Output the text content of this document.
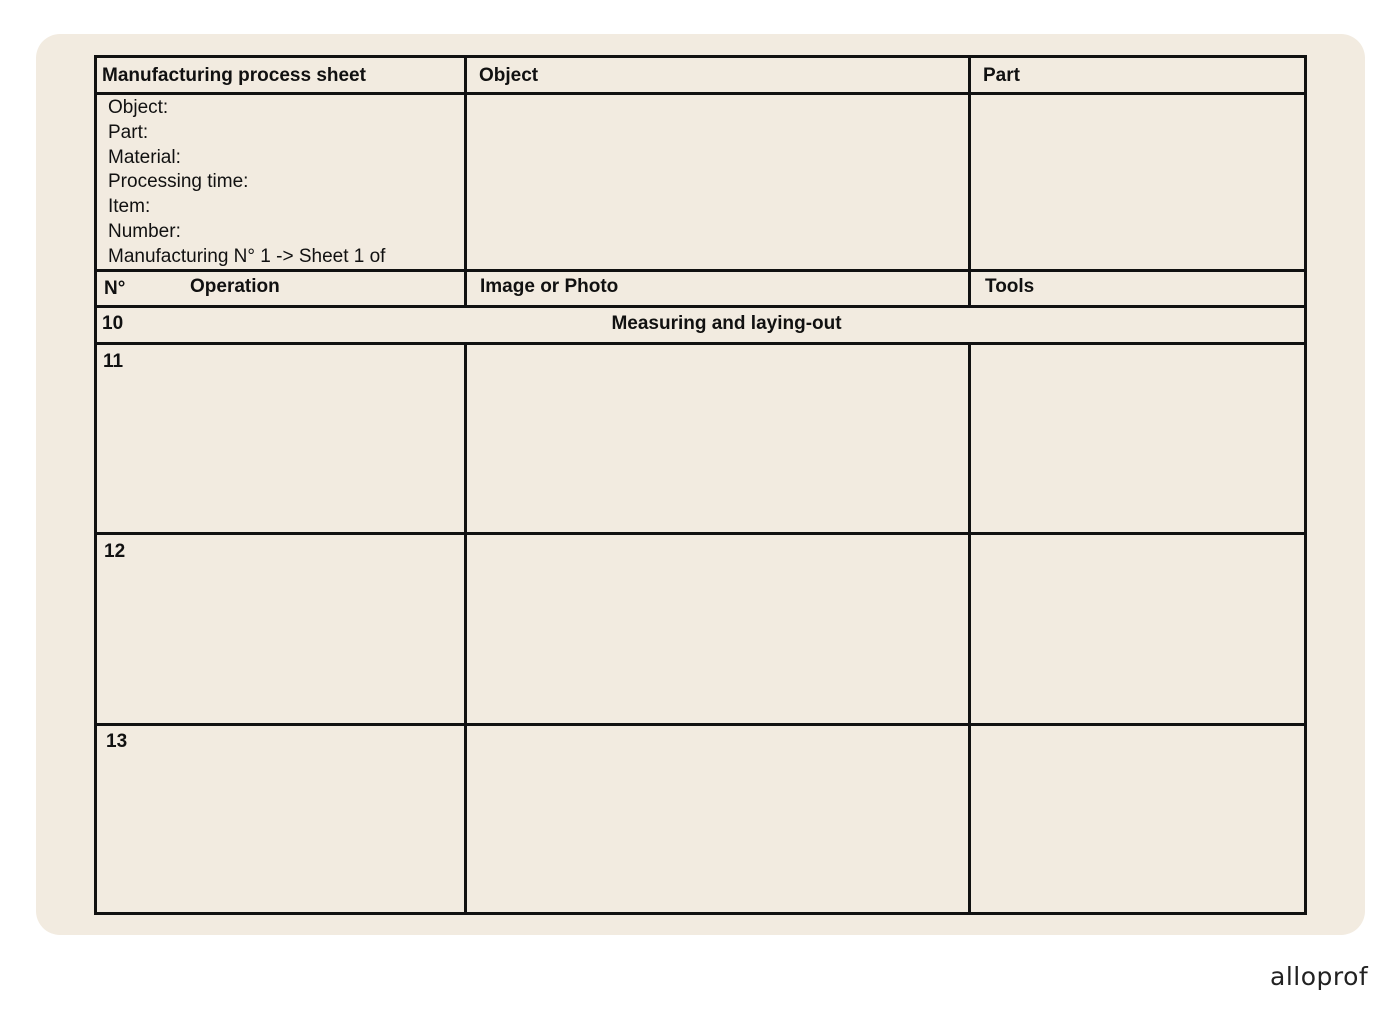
Manufacturing process sheet	Object	Part
Object:
Part:
Material:
Processing time:
Item:
Number:
Manufacturing N° 1 -> Sheet 1 of
N°	Operation	Image or Photo	Tools
10	Measuring and laying-out
11
12
13
alloprof
